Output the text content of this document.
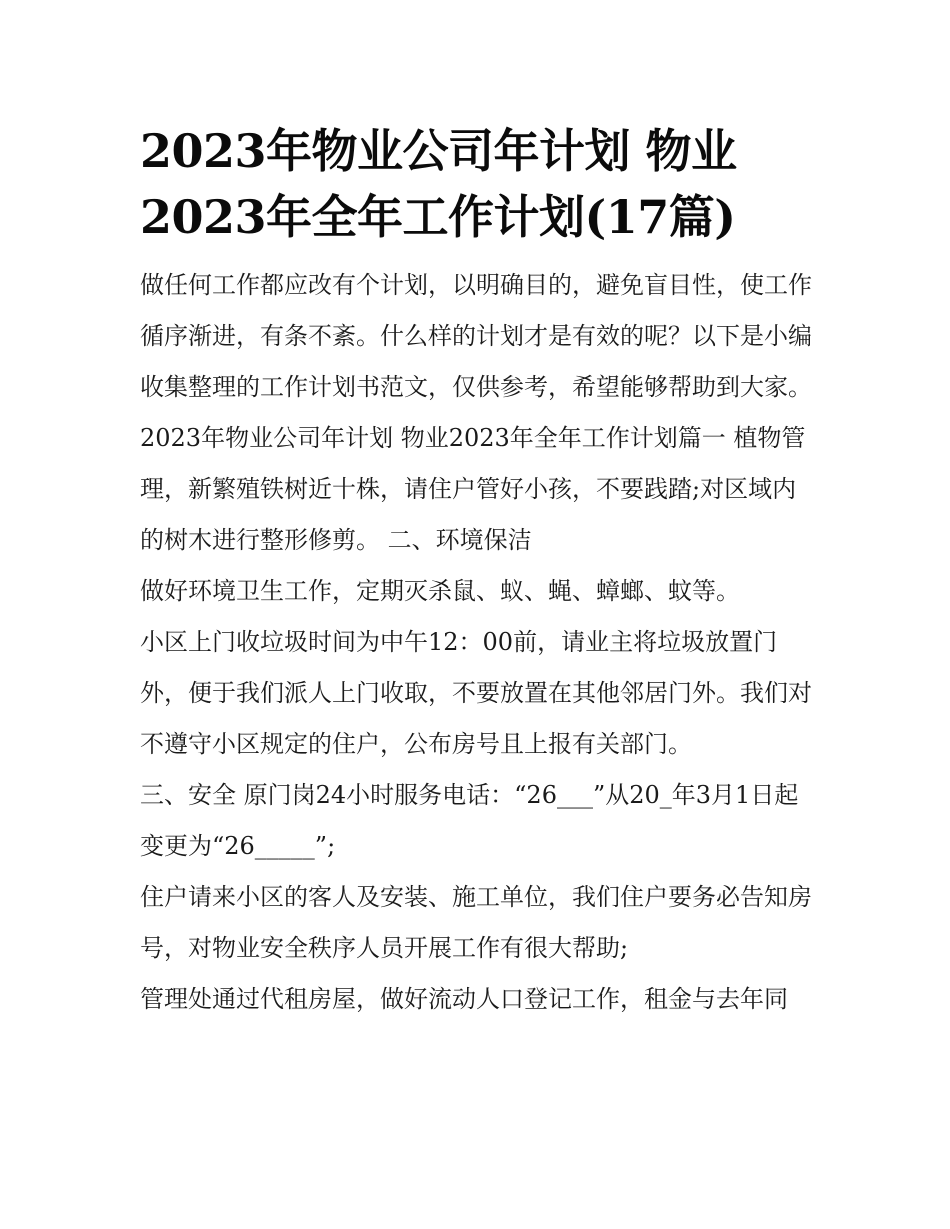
2023年物业公司年计划 物业2023年全年工作计划(17篇)

做任何工作都应改有个计划，以明确目的，避免盲目性，使工作循序渐进，有条不紊。什么样的计划才是有效的呢？以下是小编收集整理的工作计划书范文，仅供参考，希望能够帮助到大家。

2023年物业公司年计划 物业2023年全年工作计划篇一 植物管理，新繁殖铁树近十株，请住户管好小孩，不要践踏;对区域内的树木进行整形修剪。 二、环境保洁

做好环境卫生工作，定期灭杀鼠、蚁、蝇、蟑螂、蚊等。

小区上门收垃圾时间为中午12：00前，请业主将垃圾放置门外，便于我们派人上门收取，不要放置在其他邻居门外。我们对不遵守小区规定的住户，公布房号且上报有关部门。

三、安全 原门岗24小时服务电话：“26___”从20_年3月1日起变更为“26_____”;

住户请来小区的客人及安装、施工单位，我们住户要务必告知房号，对物业安全秩序人员开展工作有很大帮助;

管理处通过代租房屋，做好流动人口登记工作，租金与去年同
